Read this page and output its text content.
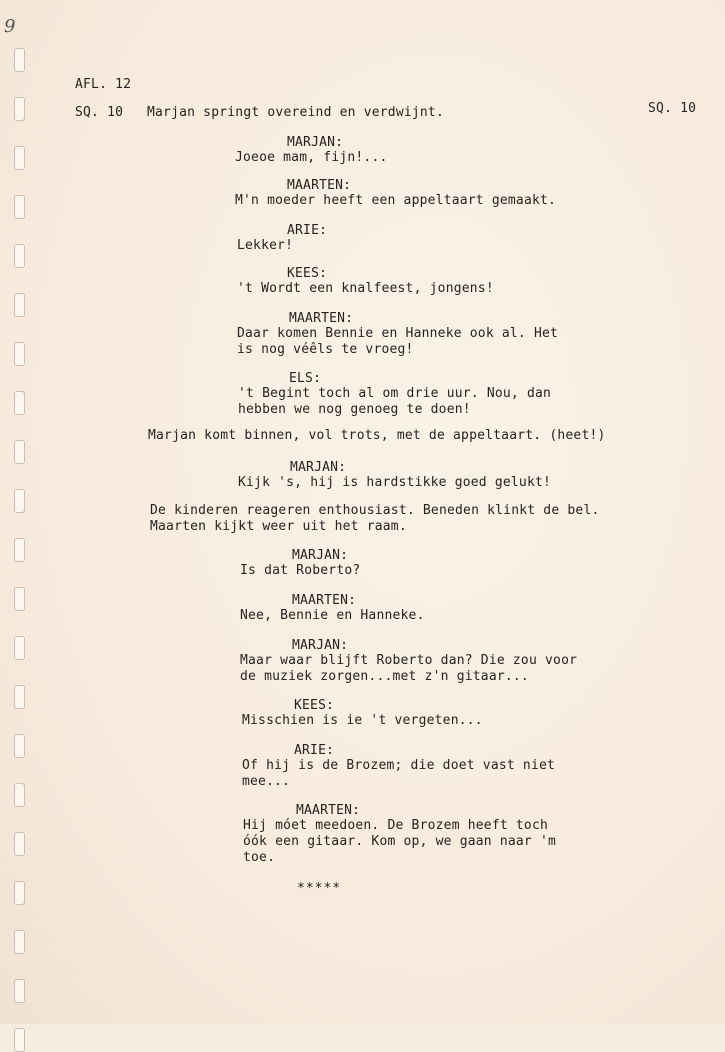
9
AFL. 12
SQ. 10 Marjan springt overeind en verdwijnt.	SQ. 10
MARJAN:
Joeoe mam, fijn!...
MAARTEN:
M'n moeder heeft een appeltaart gemaakt.
ARIE:
Lekker!
KEES:
't Wordt een knalfeest, jongens!
MAARTEN:
Daar komen Bennie en Hanneke ook al. Het
is nog véêls te vroeg!
ELS:
't Begint toch al om drie uur. Nou, dan
hebben we nog genoeg te doen!
Marjan komt binnen, vol trots, met de appeltaart. (heet!)
MARJAN:
Kijk 's, hij is hardstikke goed gelukt!
De kinderen reageren enthousiast. Beneden klinkt de bel.
Maarten kijkt weer uit het raam.
MARJAN:
Is dat Roberto?
MAARTEN:
Nee, Bennie en Hanneke.
MARJAN:
Maar waar blijft Roberto dan? Die zou voor
de muziek zorgen...met z'n gitaar...
KEES:
Misschien is ie 't vergeten...
ARIE:
Of hij is de Brozem; die doet vast niet
mee...
MAARTEN:
Hij móet meedoen. De Brozem heeft toch
óók een gitaar. Kom op, we gaan naar 'm
toe.
*****
